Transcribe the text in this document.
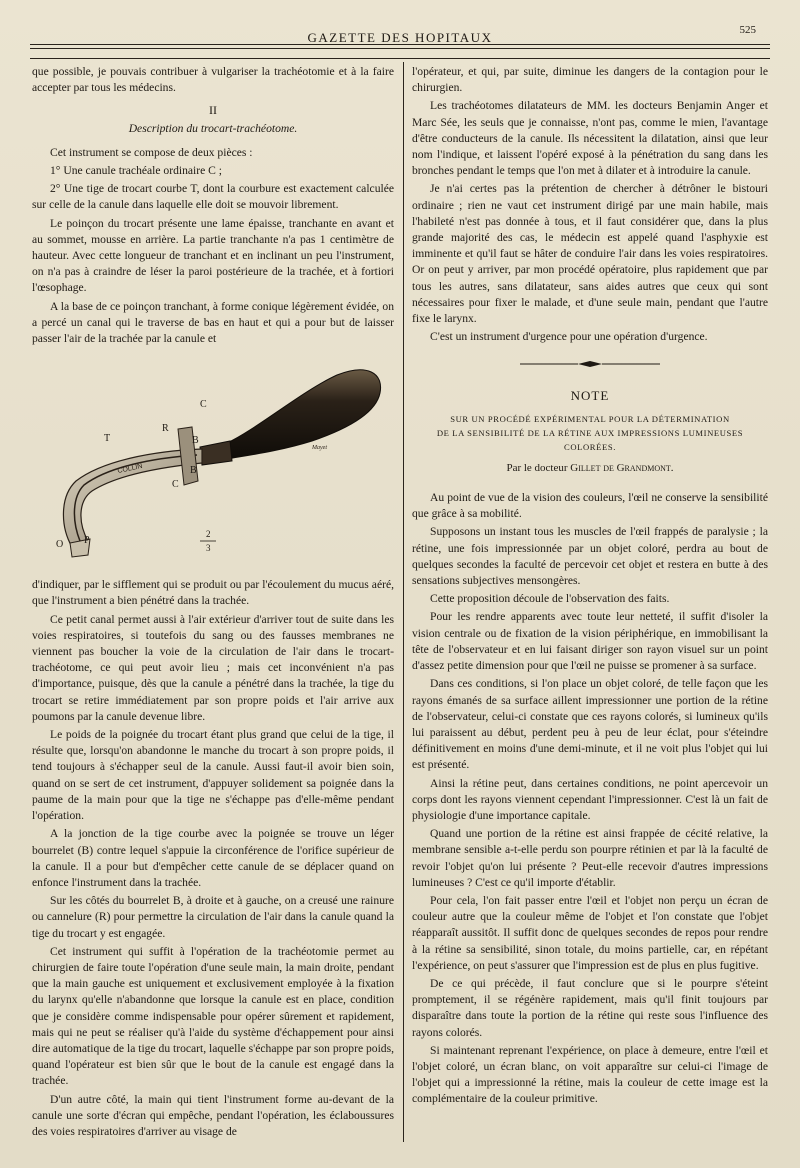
GAZETTE DES HOPITAUX	525

que possible, je pouvais contribuer à vulgariser la trachéotomie et à la faire accepter par tous les médecins.

II
Description du trocart-trachéotome.

Cet instrument se compose de deux pièces :

1° Une canule trachéale ordinaire C ;

2° Une tige de trocart courbe T, dont la courbure est exactement calculée sur celle de la canule dans laquelle elle doit se mouvoir librement.

Le poinçon du trocart présente une lame épaisse, tranchante en avant et au sommet, mousse en arrière. La partie tranchante n'a pas 1 centimètre de hauteur. Avec cette longueur de tranchant et en inclinant un peu l'instrument, on n'a pas à craindre de léser la paroi postérieure de la trachée, et à fortiori l'œsophage.

A la base de ce poinçon tranchant, à forme conique légèrement évidée, on a percé un canal qui le traverse de bas en haut et qui a pour but de laisser passer l'air de la trachée par la canule et

C
R
T	B
B
C
O P
COLLIN
Mayet
2
3

d'indiquer, par le sifflement qui se produit ou par l'écoulement du mucus aéré, que l'instrument a bien pénétré dans la trachée.

Ce petit canal permet aussi à l'air extérieur d'arriver tout de suite dans les voies respiratoires, si toutefois du sang ou des fausses membranes ne viennent pas boucher la voie de la circulation de l'air dans le trocart-trachéotome, ce qui peut avoir lieu ; mais cet inconvénient n'a pas d'importance, puisque, dès que la canule a pénétré dans la trachée, la tige du trocart se retire immédiatement par son propre poids et l'air arrive aux poumons par la canule devenue libre.

Le poids de la poignée du trocart étant plus grand que celui de la tige, il résulte que, lorsqu'on abandonne le manche du trocart à son propre poids, il tend toujours à s'échapper seul de la canule. Aussi faut-il avoir bien soin, quand on se sert de cet instrument, d'appuyer solidement sa poignée dans la paume de la main pour que la tige ne s'échappe pas d'elle-même pendant l'opération.

A la jonction de la tige courbe avec la poignée se trouve un léger bourrelet (B) contre lequel s'appuie la circonférence de l'orifice supérieur de la canule. Il a pour but d'empêcher cette canule de se déplacer quand on enfonce l'instrument dans la trachée.

Sur les côtés du bourrelet B, à droite et à gauche, on a creusé une rainure ou cannelure (R) pour permettre la circulation de l'air dans la canule quand la tige du trocart y est engagée.

Cet instrument qui suffit à l'opération de la trachéotomie permet au chirurgien de faire toute l'opération d'une seule main, la main droite, pendant que la main gauche est uniquement et exclusivement employée à la fixation du larynx qu'elle n'abandonne que lorsque la canule est en place, condition que je considère comme indispensable pour opérer sûrement et rapidement, mais qui ne peut se réaliser qu'à l'aide du système d'échappement pour ainsi dire automatique de la tige du trocart, laquelle s'échappe par son propre poids, quand l'opérateur est bien sûr que le bout de la canule est engagé dans la trachée.

D'un autre côté, la main qui tient l'instrument forme au-devant de la canule une sorte d'écran qui empêche, pendant l'opération, les éclaboussures des voies respiratoires d'arriver au visage de

l'opérateur, et qui, par suite, diminue les dangers de la contagion pour le chirurgien.

Les trachéotomes dilatateurs de MM. les docteurs Benjamin Anger et Marc Sée, les seuls que je connaisse, n'ont pas, comme le mien, l'avantage d'être conducteurs de la canule. Ils nécessitent la dilatation, ainsi que leur nom l'indique, et laissent l'opéré exposé à la pénétration du sang dans les bronches pendant le temps que l'on met à dilater et à introduire la canule.

Je n'ai certes pas la prétention de chercher à détrôner le bistouri ordinaire ; rien ne vaut cet instrument dirigé par une main habile, mais l'habileté n'est pas donnée à tous, et il faut considérer que, dans la plus grande majorité des cas, le médecin est appelé quand l'asphyxie est imminente et qu'il faut se hâter de conduire l'air dans les voies respiratoires. Or on peut y arriver, par mon procédé opératoire, plus rapidement que par tous les autres, sans dilatateur, sans aides autres que ceux qui sont nécessaires pour fixer le malade, et d'une seule main, pendant que l'autre fixe le larynx.

C'est un instrument d'urgence pour une opération d'urgence.

NOTE
SUR UN PROCÉDÉ EXPÉRIMENTAL POUR LA DÉTERMINATION
DE LA SENSIBILITÉ DE LA RÉTINE AUX IMPRESSIONS LUMINEUSES COLORÉES.
Par le docteur Gillet de Grandmont.

Au point de vue de la vision des couleurs, l'œil ne conserve la sensibilité que grâce à sa mobilité.

Supposons un instant tous les muscles de l'œil frappés de paralysie ; la rétine, une fois impressionnée par un objet coloré, perdra au bout de quelques secondes la faculté de percevoir cet objet et restera en butte à des sensations subjectives mensongères.

Cette proposition découle de l'observation des faits.

Pour les rendre apparents avec toute leur netteté, il suffit d'isoler la vision centrale ou de fixation de la vision périphérique, en immobilisant la tête de l'observateur et en lui faisant diriger son rayon visuel sur un point d'assez petite dimension pour que l'œil ne puisse se promener à sa surface.

Dans ces conditions, si l'on place un objet coloré, de telle façon que les rayons émanés de sa surface aillent impressionner une portion de la rétine de l'observateur, celui-ci constate que ces rayons colorés, si lumineux qu'ils lui paraissent au début, perdent peu à peu de leur éclat, pour s'éteindre définitivement en moins d'une demi-minute, et il ne voit plus l'objet qui lui est présenté.

Ainsi la rétine peut, dans certaines conditions, ne point apercevoir un corps dont les rayons viennent cependant l'impressionner. C'est là un fait de physiologie d'une importance capitale.

Quand une portion de la rétine est ainsi frappée de cécité relative, la membrane sensible a-t-elle perdu son pourpre rétinien et par là la faculté de revoir l'objet qu'on lui présente ? Peut-elle recevoir d'autres impressions lumineuses ? C'est ce qu'il importe d'établir.

Pour cela, l'on fait passer entre l'œil et l'objet non perçu un écran de couleur autre que la couleur même de l'objet et l'on constate que l'objet réapparaît aussitôt. Il suffit donc de quelques secondes de repos pour rendre à la rétine sa sensibilité, sinon totale, du moins partielle, car, en répétant l'expérience, on peut s'assurer que l'impression est de plus en plus fugitive.

De ce qui précède, il faut conclure que si le pourpre s'éteint promptement, il se régénère rapidement, mais qu'il finit toujours par disparaître dans toute la portion de la rétine qui reste sous l'influence des rayons colorés.

Si maintenant reprenant l'expérience, on place à demeure, entre l'œil et l'objet coloré, un écran blanc, on voit apparaître sur celui-ci l'image de l'objet qui a impressionné la rétine, mais la couleur de cette image est la complémentaire de la couleur primitive.
